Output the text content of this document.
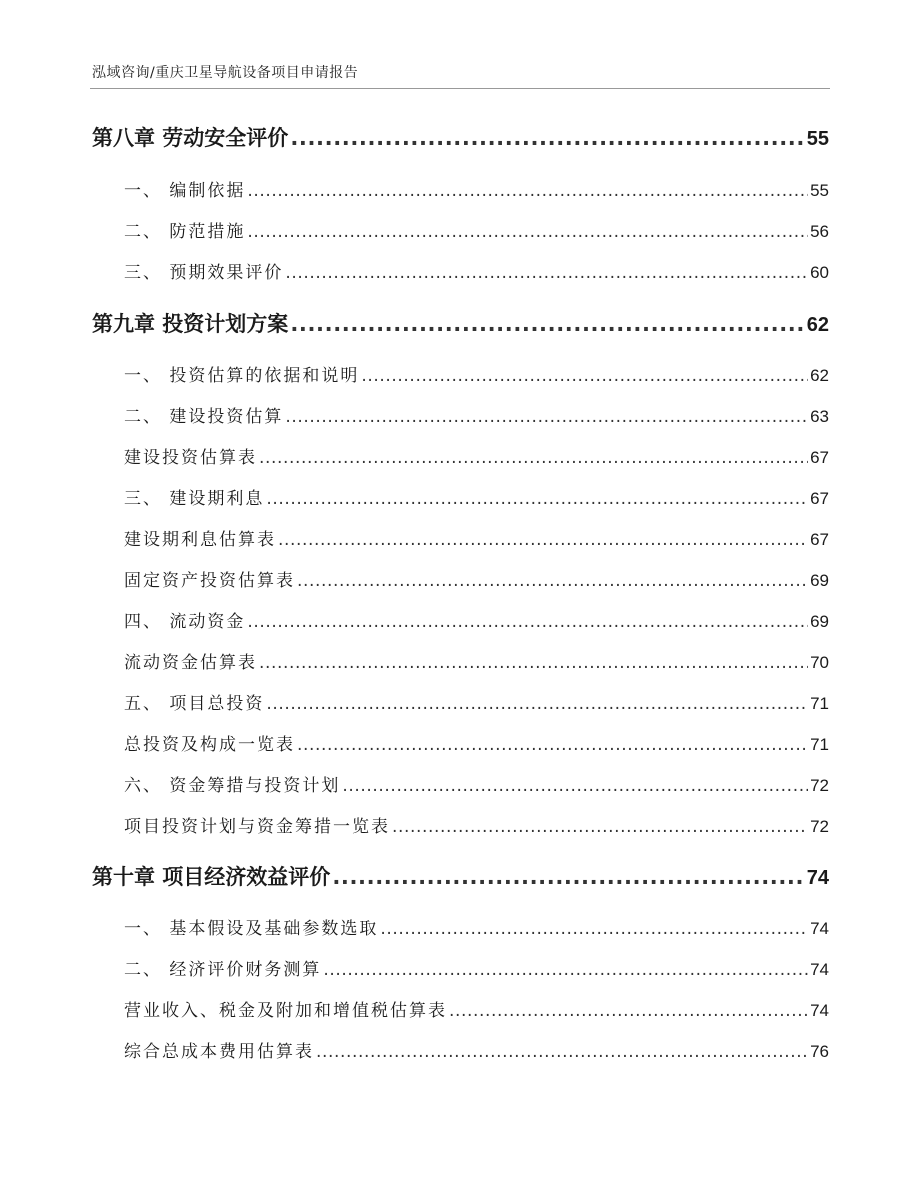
泓域咨询/重庆卫星导航设备项目申请报告
第八章 劳动安全评价 .....	55
一、 编制依据 .....	55
二、 防范措施 .....	56
三、 预期效果评价 .....	60
第九章 投资计划方案 .....	62
一、 投资估算的依据和说明 .....	62
二、 建设投资估算 .....	63
建设投资估算表 .....	67
三、 建设期利息 .....	67
建设期利息估算表 .....	67
固定资产投资估算表 .....	69
四、 流动资金 .....	69
流动资金估算表 .....	70
五、 项目总投资 .....	71
总投资及构成一览表 .....	71
六、 资金筹措与投资计划 .....	72
项目投资计划与资金筹措一览表 .....	72
第十章 项目经济效益评价 .....	74
一、 基本假设及基础参数选取 .....	74
二、 经济评价财务测算 .....	74
营业收入、税金及附加和增值税估算表 .....	74
综合总成本费用估算表 .....	76
